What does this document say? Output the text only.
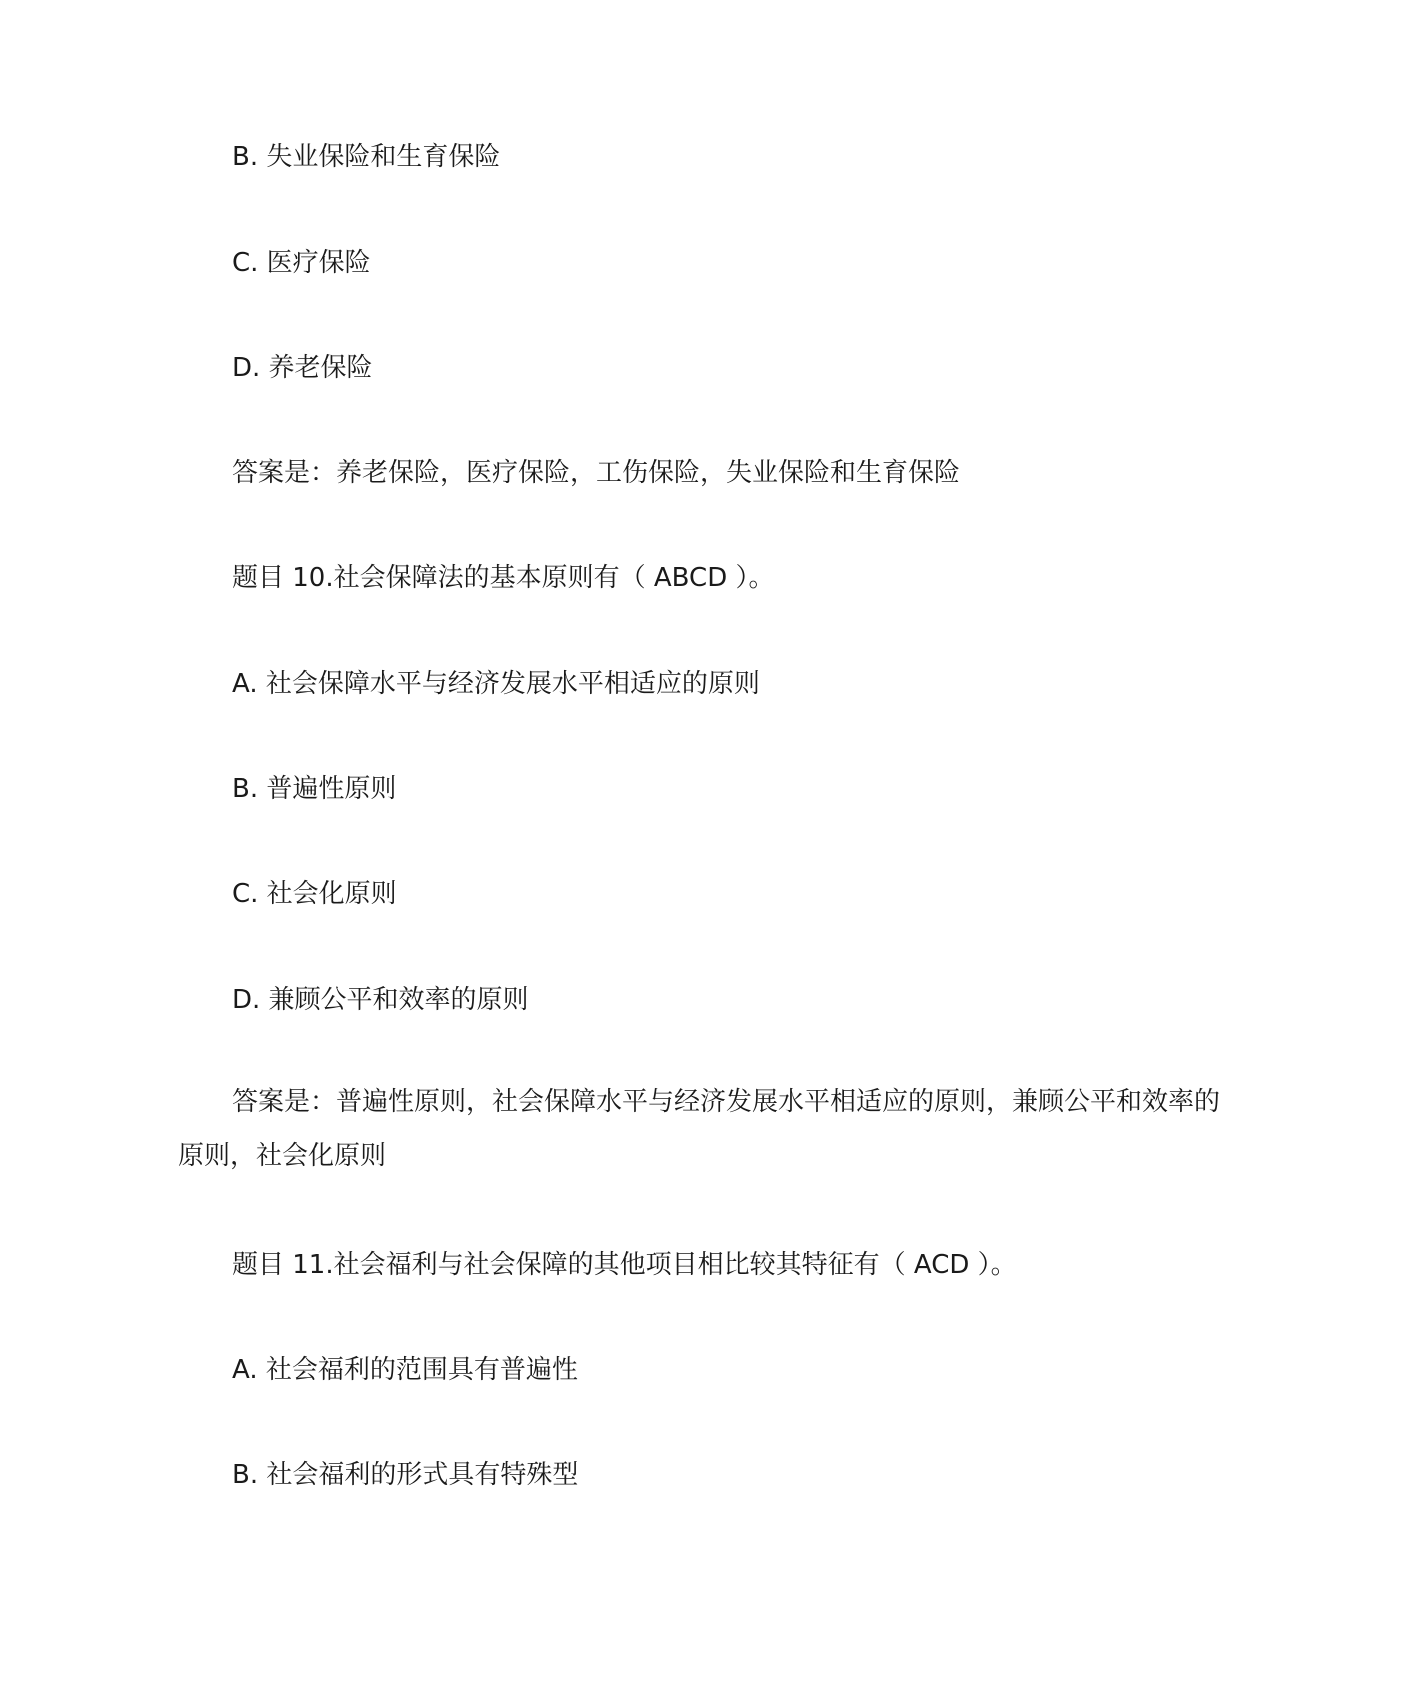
B. 失业保险和生育保险
C. 医疗保险
D. 养老保险
答案是：养老保险，医疗保险，工伤保险，失业保险和生育保险
题目 10.社会保障法的基本原则有（ ABCD ）。
A. 社会保障水平与经济发展水平相适应的原则
B. 普遍性原则
C. 社会化原则
D. 兼顾公平和效率的原则
答案是：普遍性原则，社会保障水平与经济发展水平相适应的原则，兼顾公平和效率的原则，社会化原则
题目 11.社会福利与社会保障的其他项目相比较其特征有（ ACD ）。
A. 社会福利的范围具有普遍性
B. 社会福利的形式具有特殊型
